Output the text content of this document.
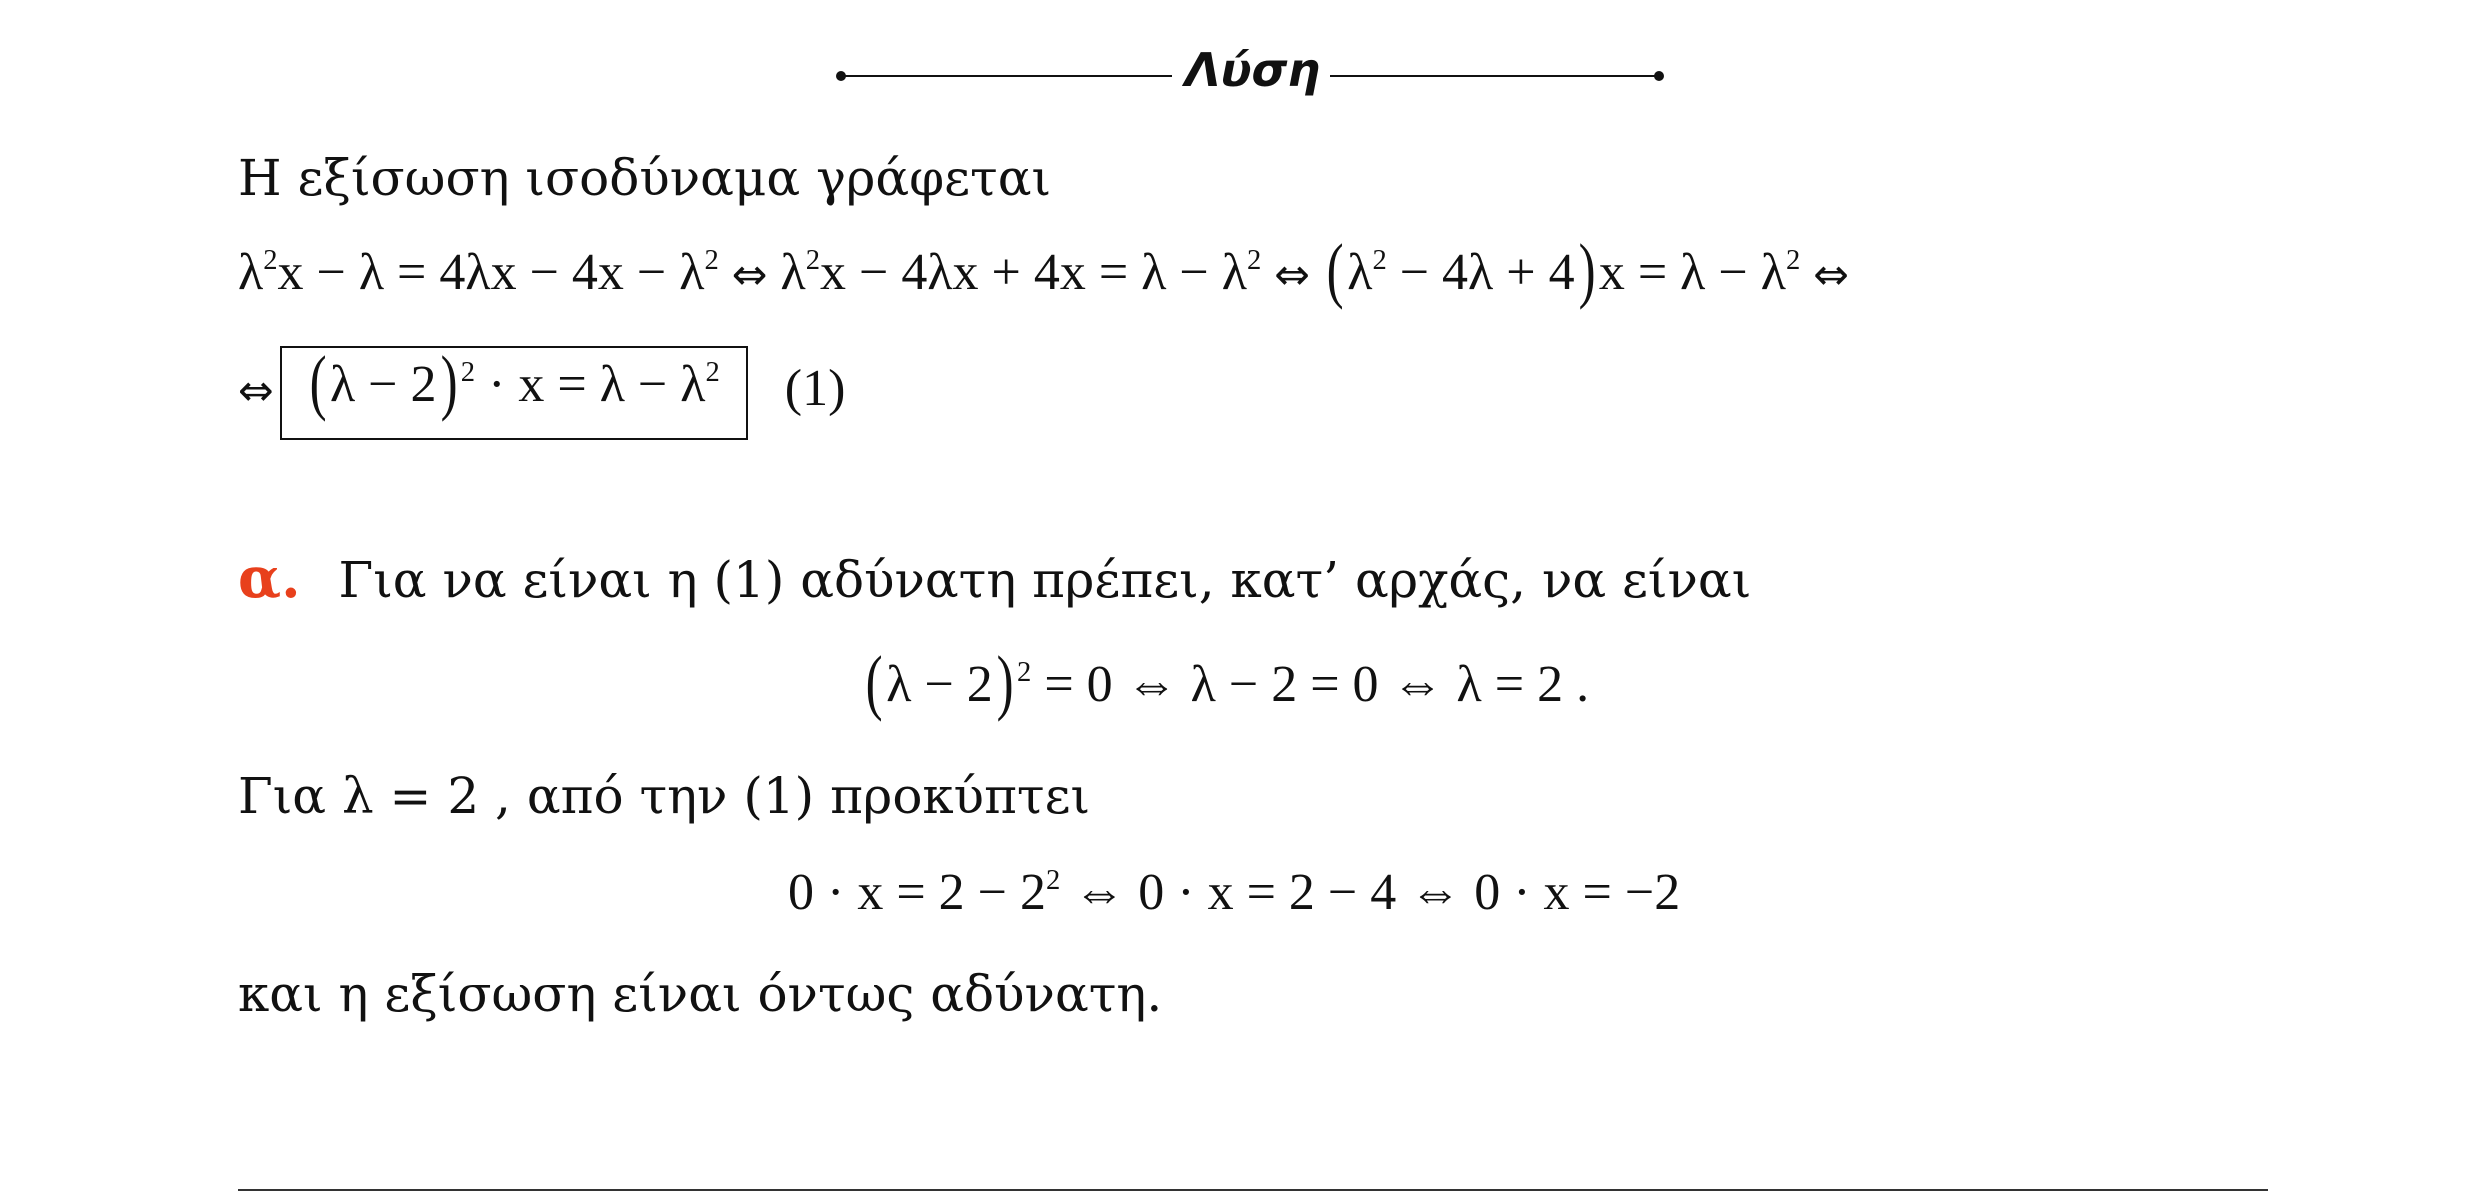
Λύση
Η εξίσωση ισοδύναμα γράφεται
$\lambda^2x - \lambda = 4\lambda x - 4x - \lambda^2$ ⇔ $\lambda^2x - 4\lambda x + 4x = \lambda - \lambda^2$ ⇔ $(\lambda^2 - 4\lambda + 4)x = \lambda - \lambda^2$ ⇔
⇔ (λ − 2) $^2 \cdot x = \lambda - \lambda^2$ (1)
α. Για να είναι η (1) αδύνατη πρέπει, κατ’ αρχάς, να είναι
(λ − 2) $^2$ = 0 ⇔ λ − 2 = 0 ⇔ λ = 2 .
Για λ = 2 , από την (1) προκύπτει
$0 \cdot x = 2 - 2^2$ ⇔ 0 · x = 2 − 4 ⇔ 0 · x = −2
και η εξίσωση είναι όντως αδύνατη.
